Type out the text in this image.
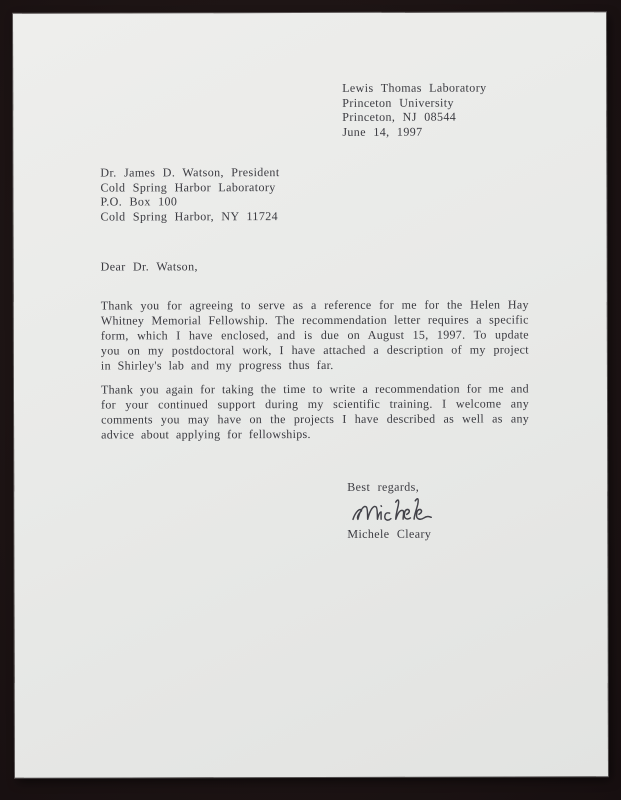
Lewis Thomas Laboratory
Princeton University
Princeton, NJ 08544
June 14, 1997
Dr. James D. Watson, President
Cold Spring Harbor Laboratory
P.O. Box 100
Cold Spring Harbor, NY 11724
Dear Dr. Watson,
Thank you for agreeing to serve as a reference for me for the Helen Hay Whitney Memorial Fellowship. The recommendation letter requires a specific form, which I have enclosed, and is due on August 15, 1997. To update you on my postdoctoral work, I have attached a description of my project in Shirley's lab and my progress thus far.
Thank you again for taking the time to write a recommendation for me and for your continued support during my scientific training. I welcome any comments you may have on the projects I have described as well as any advice about applying for fellowships.
Best regards,
Michele Cleary
